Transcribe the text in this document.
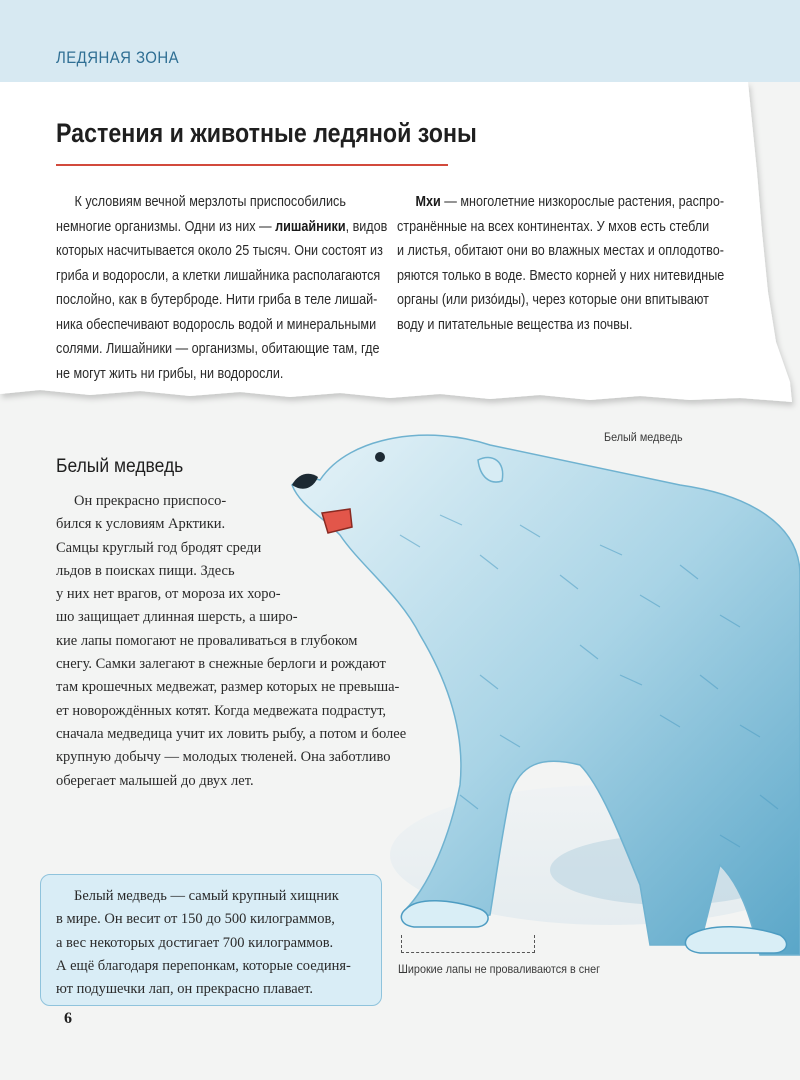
ЛЕДЯНАЯ ЗОНА
Растения и животные ледяной зоны
К условиям вечной мерзлоты приспособились
немногие организмы. Одни из них — лишайники, видов
которых насчитывается около 25 тысяч. Они состоят из
гриба и водоросли, а клетки лишайника располагаются
послойно, как в бутерброде. Нити гриба в теле лишай-
ника обеспечивают водоросль водой и минеральными
солями. Лишайники — организмы, обитающие там, где
не могут жить ни грибы, ни водоросли.
Мхи — многолетние низкорослые растения, распро-
странённые на всех континентах. У мхов есть стебли
и листья, обитают они во влажных местах и оплодотво-
ряются только в воде. Вместо корней у них нитевидные
органы (или ризо́иды), через которые они впитывают
воду и питательные вещества из почвы.
Белый медведь
Белый медведь
Он прекрасно приспосо-
бился к условиям Арктики.
Самцы круглый год бродят среди
льдов в поисках пищи. Здесь
у них нет врагов, от мороза их хоро-
шо защищает длинная шерсть, а широ-
кие лапы помогают не проваливаться в глубоком
снегу. Самки залегают в снежные берлоги и рождают
там крошечных медвежат, размер которых не превыша-
ет новорождённых котят. Когда медвежата подрастут,
сначала медведица учит их ловить рыбу, а потом и более
крупную добычу — молодых тюленей. Она заботливо
оберегает малышей до двух лет.
Широкие лапы не проваливаются в снег
Белый медведь — самый крупный хищник
в мире. Он весит от 150 до 500 килограммов,
а вес некоторых достигает 700 килограммов.
А ещё благодаря перепонкам, которые соединя-
ют подушечки лап, он прекрасно плавает.
6
